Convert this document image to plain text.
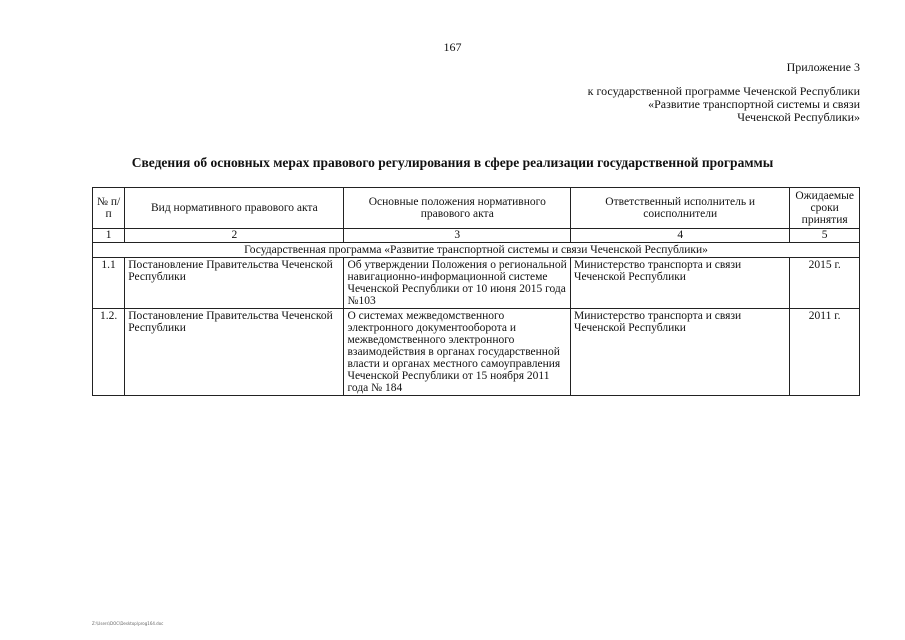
167
Приложение 3
к государственной программе Чеченской Республики
«Развитие транспортной системы и связи
Чеченской Республики»
Сведения об основных мерах правового регулирования в сфере реализации государственной программы
№ п/п	Вид нормативного правового акта	Основные положения нормативного правового акта	Ответственный исполнитель и соисполнители	Ожидаемые сроки принятия
1	2	3	4	5
Государственная программа «Развитие транспортной системы и связи Чеченской Республики»				
1.1	Постановление Правительства Чеченской Республики	Об утверждении Положения о региональной навигационно-информационной системе Чеченской Республики от 10 июня 2015 года №103	Министерство транспорта и связи Чеченской Республики	2015 г.
1.2.	Постановление Правительства Чеченской Республики	О системах межведомственного электронного документооборота и межведомственного электронного взаимодействия в органах государственной власти и органах местного самоуправления Чеченской Республики от 15 ноября 2011 года № 184	Министерство транспорта и связи Чеченской Республики	2011 г.
Z:\Users\DOC\Desktop\prog164.doc
